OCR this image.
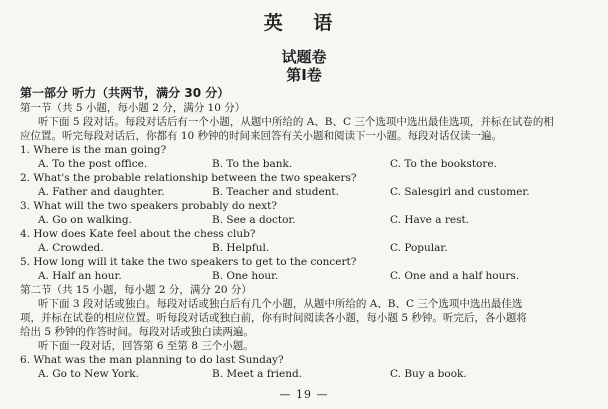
英 语
试题卷
第Ⅰ卷
第一部分 听力（共两节，满分 30 分）
第一节（共 5 小题，每小题 2 分，满分 10 分）
听下面 5 段对话。每段对话后有一个小题，从题中所给的 A、B、C 三个选项中选出最佳选项，并标在试卷的相
应位置。听完每段对话后，你都有 10 秒钟的时间来回答有关小题和阅读下一小题。每段对话仅读一遍。
1. Where is the man going?
A. To the post office.	B. To the bank.	C. To the bookstore.
2. What's the probable relationship between the two speakers?
A. Father and daughter.	B. Teacher and student.	C. Salesgirl and customer.
3. What will the two speakers probably do next?
A. Go on walking.	B. See a doctor.	C. Have a rest.
4. How does Kate feel about the chess club?
A. Crowded.	B. Helpful.	C. Popular.
5. How long will it take the two speakers to get to the concert?
A. Half an hour.	B. One hour.	C. One and a half hours.
第二节（共 15 小题，每小题 2 分，满分 20 分）
听下面 3 段对话或独白。每段对话或独白后有几个小题，从题中所给的 A、B、C 三个选项中选出最佳选
项，并标在试卷的相应位置。听每段对话或独白前，你有时间阅读各小题，每小题 5 秒钟。听完后，各小题将
给出 5 秒钟的作答时间。每段对话或独白读两遍。
听下面一段对话，回答第 6 至第 8 三个小题。
6. What was the man planning to do last Sunday?
A. Go to New York.	B. Meet a friend.	C. Buy a book.
— 19 —
